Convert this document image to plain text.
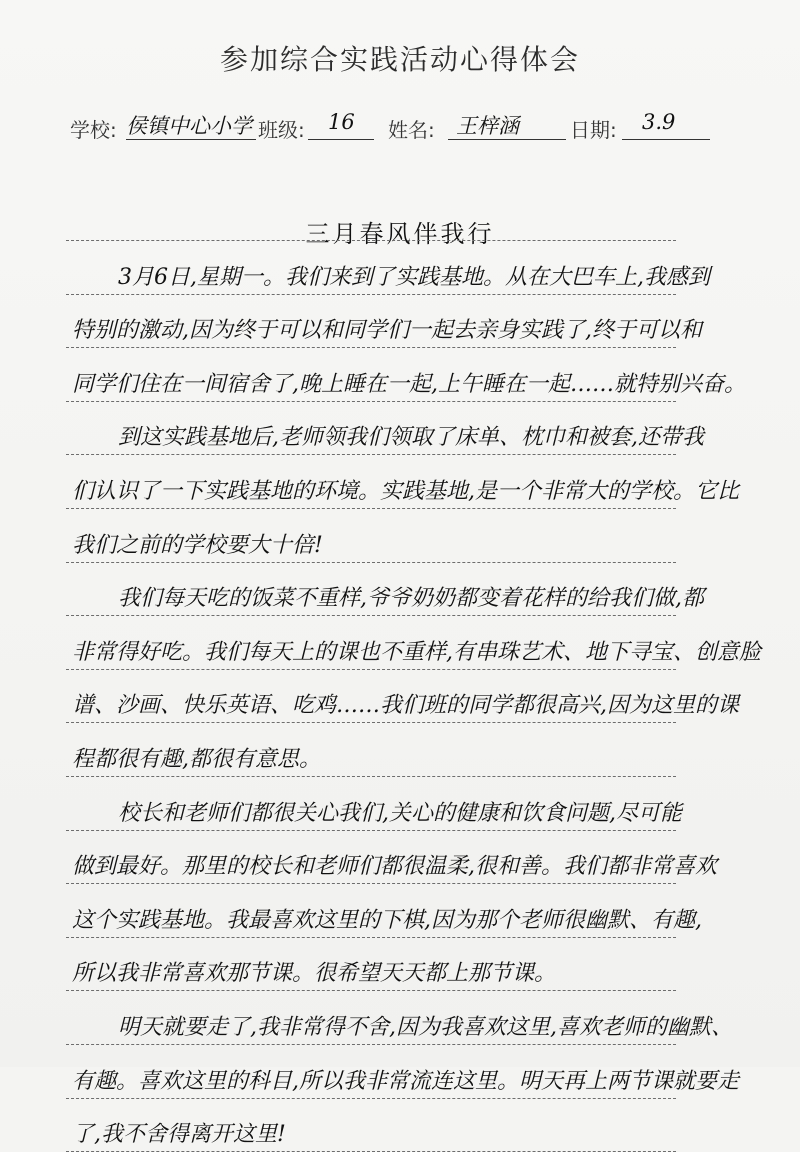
参加综合实践活动心得体会
学校: 侯镇中心小学 班级: 16 姓名: 王梓涵	日期: 3.9
三月春风伴我行
3月6日,星期一。我们来到了实践基地。从在大巴车上,我感到
特别的激动,因为终于可以和同学们一起去亲身实践了,终于可以和
同学们住在一间宿舍了,晚上睡在一起,上午睡在一起……就特别兴奋。
到这实践基地后,老师领我们领取了床单、枕巾和被套,还带我
们认识了一下实践基地的环境。实践基地,是一个非常大的学校。它比
我们之前的学校要大十倍!
我们每天吃的饭菜不重样,爷爷奶奶都变着花样的给我们做,都
非常得好吃。我们每天上的课也不重样,有串珠艺术、地下寻宝、创意脸
谱、沙画、快乐英语、吃鸡……我们班的同学都很高兴,因为这里的课
程都很有趣,都很有意思。
校长和老师们都很关心我们,关心的健康和饮食问题,尽可能
做到最好。那里的校长和老师们都很温柔,很和善。我们都非常喜欢
这个实践基地。我最喜欢这里的下棋,因为那个老师很幽默、有趣,
所以我非常喜欢那节课。很希望天天都上那节课。
明天就要走了,我非常得不舍,因为我喜欢这里,喜欢老师的幽默、
有趣。喜欢这里的科目,所以我非常流连这里。明天再上两节课就要走
了,我不舍得离开这里!
